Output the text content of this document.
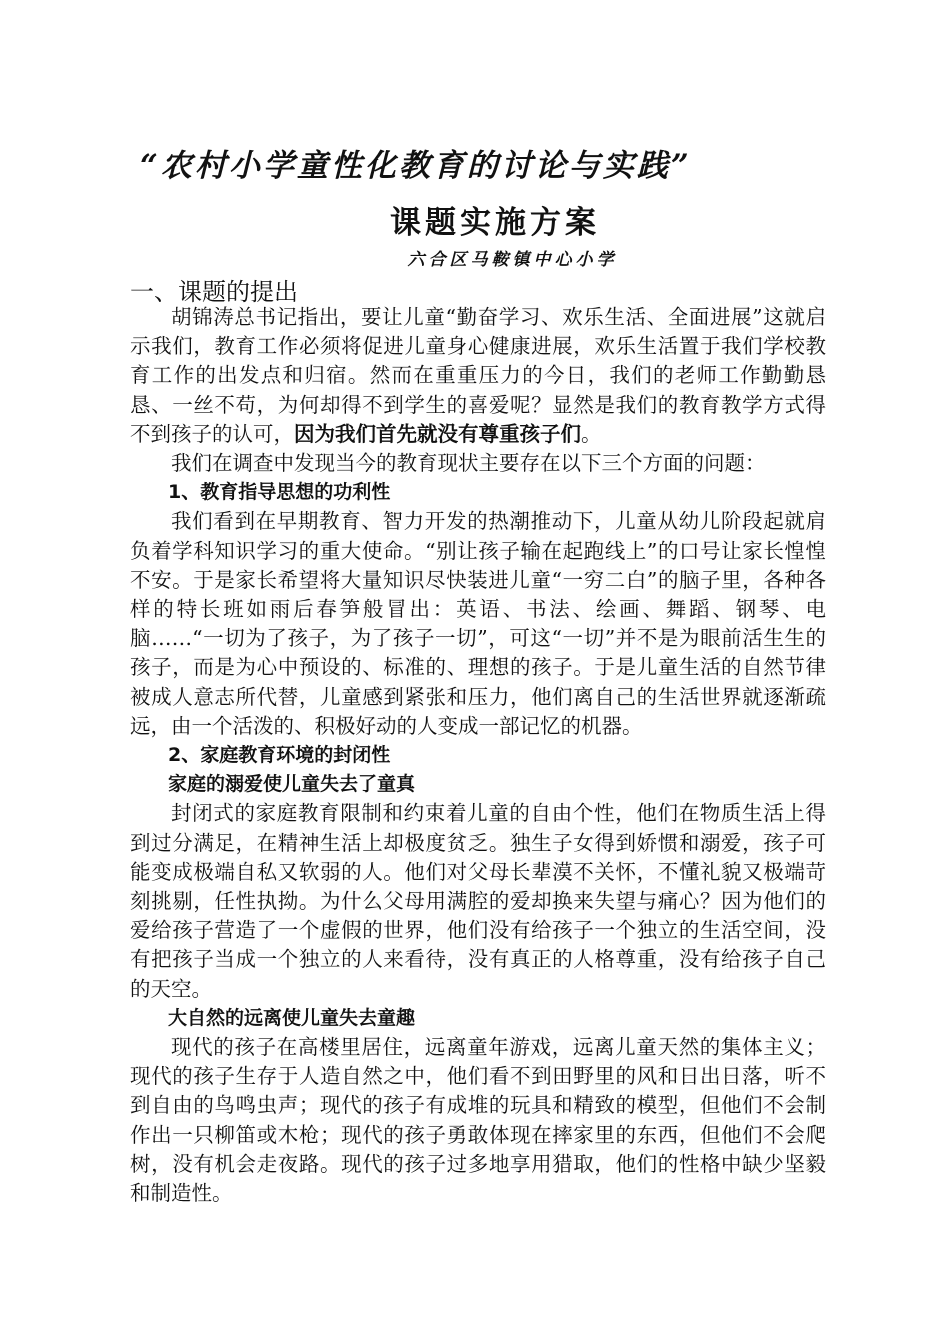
“农村小学童性化教育的讨论与实践”
课题实施方案
六合区马鞍镇中心小学
一、课题的提出

胡锦涛总书记指出，要让儿童“勤奋学习、欢乐生活、全面进展”这就启示我们，教育工作必须将促进儿童身心健康进展，欢乐生活置于我们学校教育工作的出发点和归宿。然而在重重压力的今日，我们的老师工作勤勤恳恳、一丝不苟，为何却得不到学生的喜爱呢？显然是我们的教育教学方式得不到孩子的认可，因为我们首先就没有尊重孩子们。

我们在调查中发现当今的教育现状主要存在以下三个方面的问题：

1、教育指导思想的功利性

我们看到在早期教育、智力开发的热潮推动下，儿童从幼儿阶段起就肩负着学科知识学习的重大使命。“别让孩子输在起跑线上”的口号让家长惶惶不安。于是家长希望将大量知识尽快装进儿童“一穷二白”的脑子里，各种各样的特长班如雨后春笋般冒出：英语、书法、绘画、舞蹈、钢琴、电脑……“一切为了孩子，为了孩子一切”，可这“一切”并不是为眼前活生生的孩子，而是为心中预设的、标准的、理想的孩子。于是儿童生活的自然节律被成人意志所代替，儿童感到紧张和压力，他们离自己的生活世界就逐渐疏远，由一个活泼的、积极好动的人变成一部记忆的机器。

2、家庭教育环境的封闭性
家庭的溺爱使儿童失去了童真

封闭式的家庭教育限制和约束着儿童的自由个性，他们在物质生活上得到过分满足，在精神生活上却极度贫乏。独生子女得到娇惯和溺爱，孩子可能变成极端自私又软弱的人。他们对父母长辈漠不关怀，不懂礼貌又极端苛刻挑剔，任性执拗。为什么父母用满腔的爱却换来失望与痛心？因为他们的爱给孩子营造了一个虚假的世界，他们没有给孩子一个独立的生活空间，没有把孩子当成一个独立的人来看待，没有真正的人格尊重，没有给孩子自己的天空。

大自然的远离使儿童失去童趣

现代的孩子在高楼里居住，远离童年游戏，远离儿童天然的集体主义；现代的孩子生存于人造自然之中，他们看不到田野里的风和日出日落，听不到自由的鸟鸣虫声；现代的孩子有成堆的玩具和精致的模型，但他们不会制作出一只柳笛或木枪；现代的孩子勇敢体现在摔家里的东西，但他们不会爬树，没有机会走夜路。现代的孩子过多地享用猎取，他们的性格中缺少坚毅和制造性。
